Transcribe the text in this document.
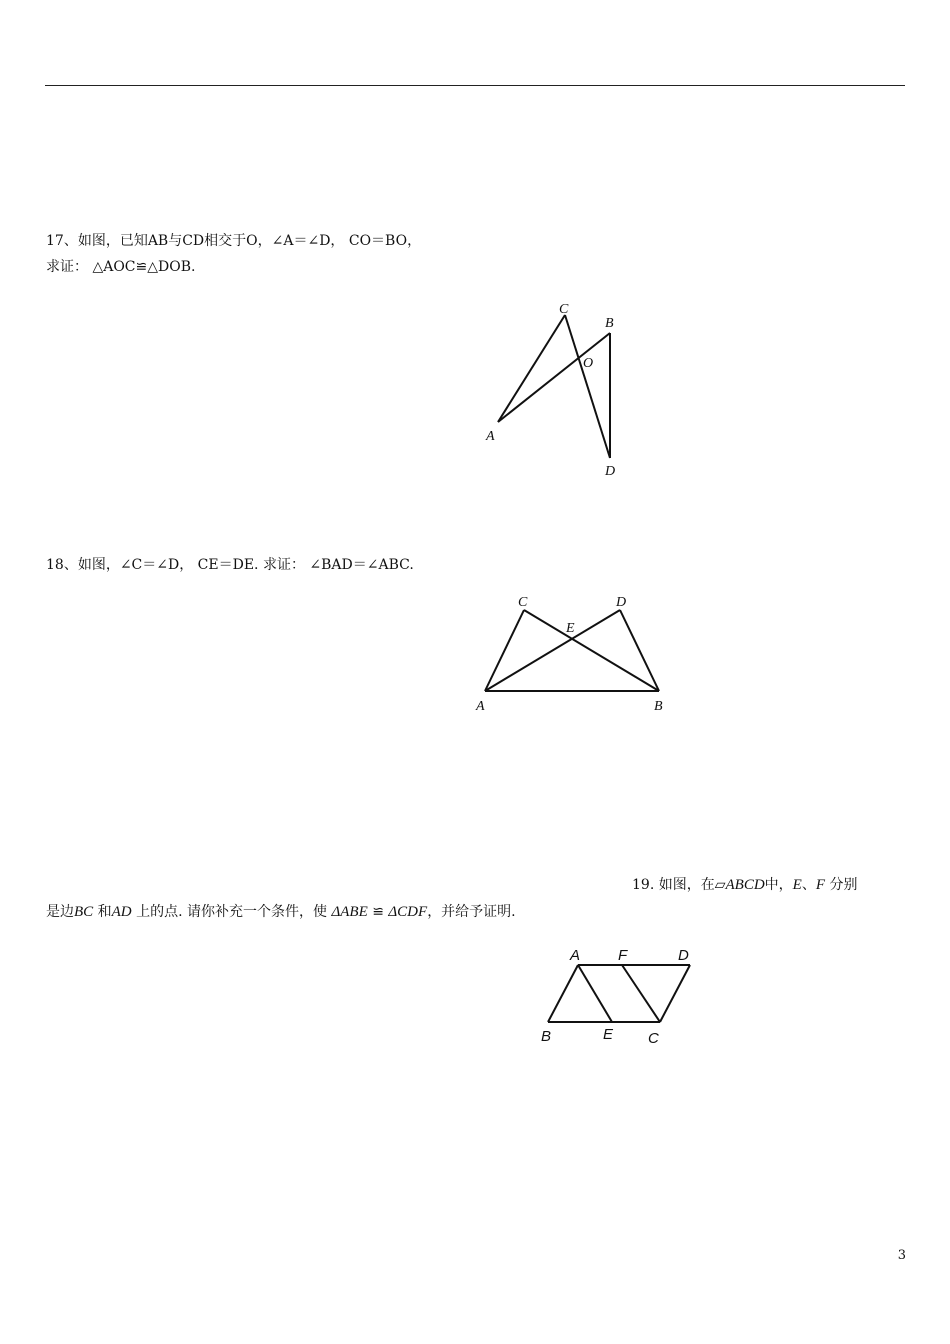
17、如图，已知AB与CD相交于O，∠A＝∠D， CO＝BO，
求证： △AOC≌△DOB.
C
B
O
A
D
18、如图，∠C＝∠D， CE＝DE. 求证： ∠BAD＝∠ABC.
C	D
E
A	B
19. 如图，在▱ABCD中，E、F 分别
是边BC 和AD 上的点. 请你补充一个条件，使 ΔABE ≌ ΔCDF，并给予证明.
A	F	D
B	E C
3
